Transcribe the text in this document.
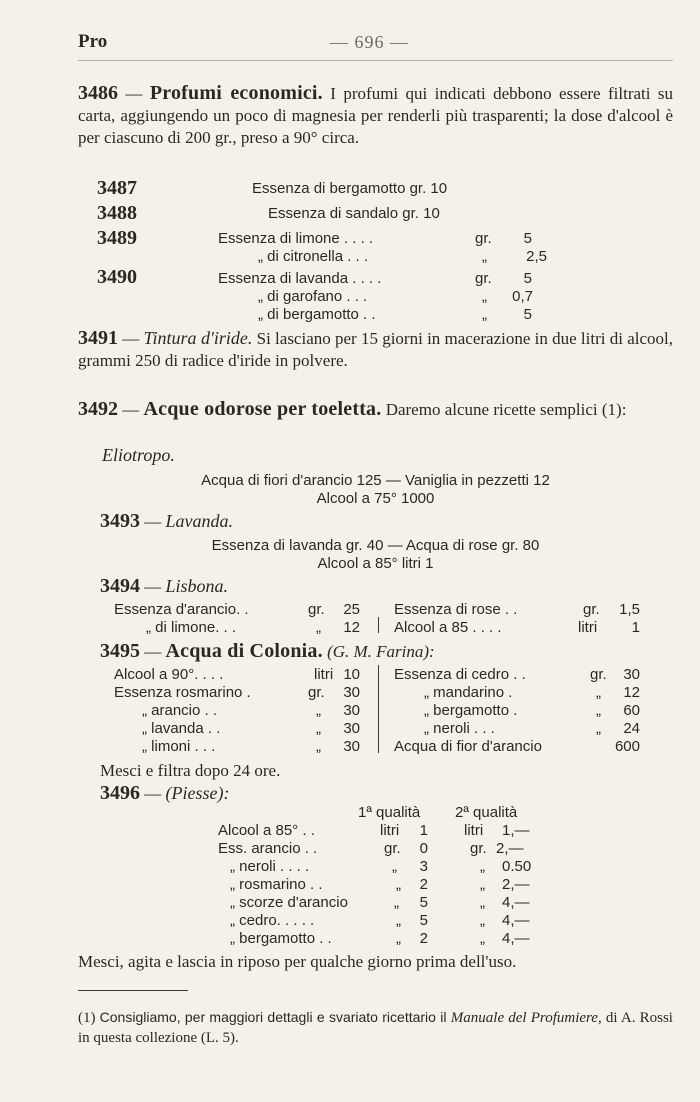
Pro	— 696 —
3486 — Profumi economici. I profumi qui indicati debbono essere filtrati su carta, aggiungendo un poco di magnesia per renderli più trasparenti; la dose d'alcool è per ciascuno di 200 gr., preso a 90° circa.
3487	Essenza di bergamotto gr. 10
3488	Essenza di sandalo gr. 10
3489	Essenza di limone . . . .	gr.	5
„ di citronella . . .	„	2,5
3490	Essenza di lavanda . . . .	gr.	5
„ di garofano . . .	„	0,7
„ di bergamotto . .	„	5
3491 — Tintura d'iride. Si lasciano per 15 giorni in macerazione in due litri di alcool, grammi 250 di radice d'iride in polvere.
3492 — Acque odorose per toeletta. Daremo alcune ricette semplici (1):
Eliotropo.
Acqua di fiori d'arancio 125 — Vaniglia in pezzetti 12
Alcool a 75° 1000
3493 — Lavanda.
Essenza di lavanda gr. 40 — Acqua di rose gr. 80
Alcool a 85° litri 1
3494 — Lisbona.
Essenza d'arancio. .	gr.	25
„ di limone. . .	„	12
Essenza di rose . .	gr.	1,5
Alcool a 85 . . . .	litri	1
3495 — Acqua di Colonia. (G. M. Farina):
Alcool a 90°. . . .	litri 10
Essenza rosmarino .	gr.	30
„ arancio . .	„	30
„ lavanda . .	„	30
„ limoni . . .	„	30
Essenza di cedro . .	gr.	30
„ mandarino .	„	12
„ bergamotto .	„	60
„ neroli . . .	„	24
Acqua di fior d'arancio	600
Mesci e filtra dopo 24 ore.
3496 — (Piesse):
1ª qualità 2ª qualità
Alcool a 85° . .	litri	1 litri 1,—
Ess. arancio . .	gr.	0	gr. 2,—
„ neroli . . . .	„	3	„ 0.50
„ rosmarino . .	„	2	„ 2,—
„ scorze d'arancio	„	5	„ 4,—
„ cedro. . . . .	„	5	„ 4,—
„ bergamotto . .	„	2	„ 4,—
Mesci, agita e lascia in riposo per qualche giorno prima dell'uso.
(1) Consigliamo, per maggiori dettagli e svariato ricettario il Manuale del Profumiere, di A. Rossi in questa collezione (L. 5).
